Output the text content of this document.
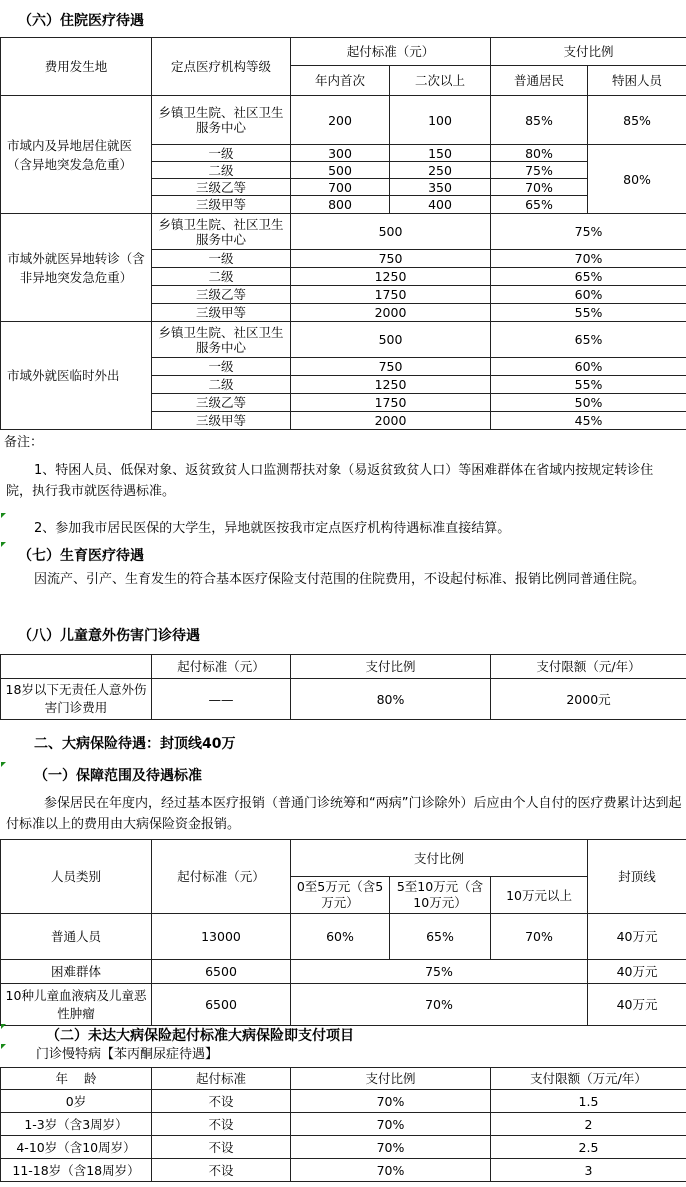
（六）住院医疗待遇
费用发生地	定点医疗机构等级	起付标准（元）		支付比例	
		年内首次	二次以上	普通居民	特困人员
市域内及异地居住就医（含异地突发急危重）	乡镇卫生院、社区卫生服务中心	200	100	85%	85%
	一级	300	150	80%	80%
	二级	500	250	75%	
	三级乙等	700	350	70%	
	三级甲等	800	400	65%	
市域外就医异地转诊（含非异地突发急危重）	乡镇卫生院、社区卫生服务中心	500		75%	
	一级	750		70%	
	二级	1250		65%	
	三级乙等	1750		60%	
	三级甲等	2000		55%	
市域外就医临时外出	乡镇卫生院、社区卫生服务中心	500		65%	
	一级	750		60%	
	二级	1250		55%	
	三级乙等	1750		50%	
	三级甲等	2000		45%	
备注：
1、特困人员、低保对象、返贫致贫人口监测帮扶对象（易返贫致贫人口）等困难群体在省域内按规定转诊住院，执行我市就医待遇标准。
2、参加我市居民医保的大学生，异地就医按我市定点医疗机构待遇标准直接结算。
（七）生育医疗待遇
因流产、引产、生育发生的符合基本医疗保险支付范围的住院费用，不设起付标准、报销比例同普通住院。
（八）儿童意外伤害门诊待遇
	起付标准（元）	支付比例	支付限额（元/年）
18岁以下无责任人意外伤害门诊费用	——	80%	2000元
二、大病保险待遇：封顶线40万
（一）保障范围及待遇标准
参保居民在年度内，经过基本医疗报销（普通门诊统筹和“两病”门诊除外）后应由个人自付的医疗费累计达到起付标准以上的费用由大病保险资金报销。
人员类别	起付标准（元）	支付比例			封顶线
		0至5万元（含5万元）	5至10万元（含10万元）	10万元以上	
普通人员	13000	60%	65%	70%	40万元
困难群体	6500	75%			40万元
10种儿童血液病及儿童恶性肿瘤	6500	70%			40万元
（二）未达大病保险起付标准大病保险即支付项目
门诊慢特病【苯丙酮尿症待遇】
年    龄	起付标准	支付比例	支付限额（万元/年）
0岁	不设	70%	1.5
1-3岁（含3周岁）	不设	70%	2
4-10岁（含10周岁）	不设	70%	2.5
11-18岁（含18周岁）	不设	70%	3
